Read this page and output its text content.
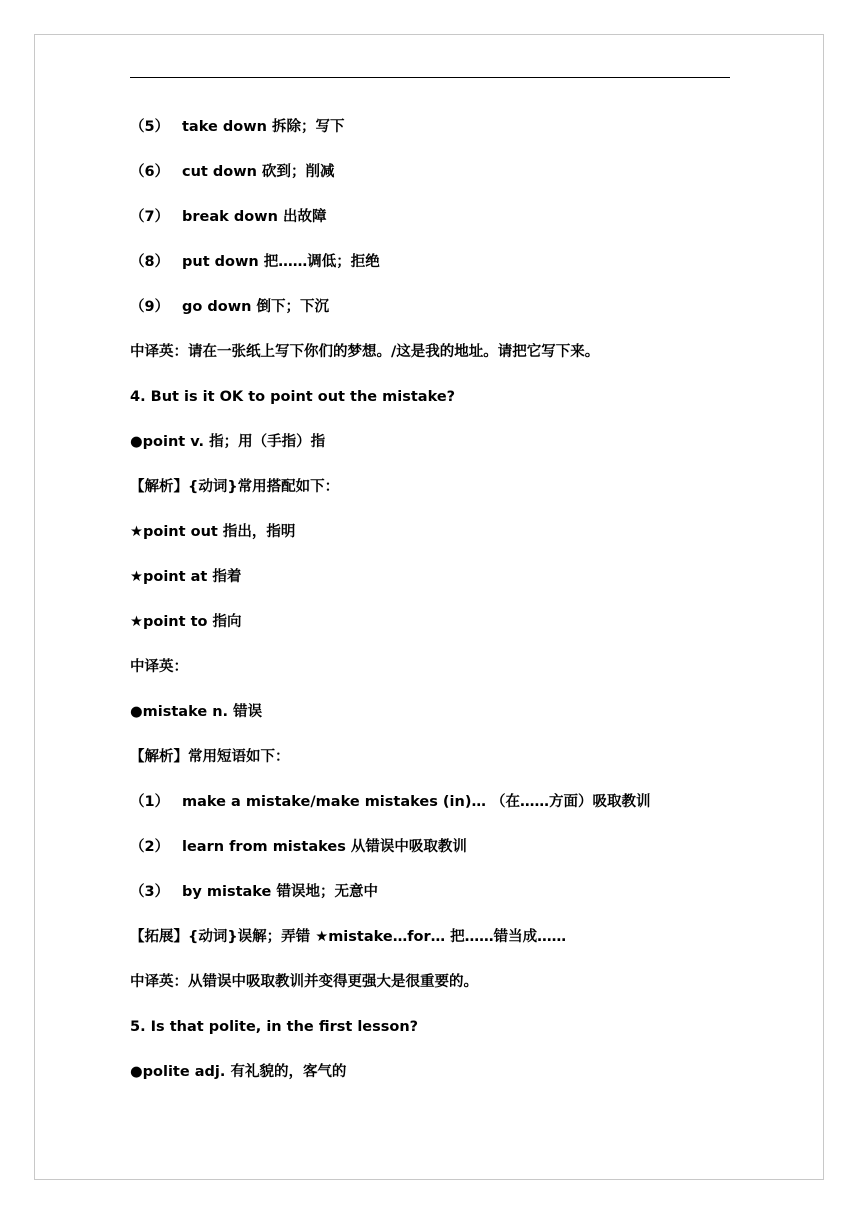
（5） take down 拆除；写下

（6） cut down 砍到；削减

（7） break down 出故障

（8） put down 把……调低；拒绝

（9） go down 倒下；下沉

中译英：请在一张纸上写下你们的梦想。/这是我的地址。请把它写下来。

4. But is it OK to point out the mistake?

●point v. 指；用（手指）指

【解析】{动词}常用搭配如下：

★point out 指出，指明

★point at 指着

★point to 指向

中译英：

●mistake n. 错误

【解析】常用短语如下：

（1） make a mistake/make mistakes (in)… （在……方面）吸取教训

（2） learn from mistakes 从错误中吸取教训

（3） by mistake 错误地；无意中

【拓展】{动词}误解；弄错 ★mistake…for… 把……错当成……

中译英：从错误中吸取教训并变得更强大是很重要的。

5. Is that polite, in the first lesson?

●polite adj. 有礼貌的，客气的
